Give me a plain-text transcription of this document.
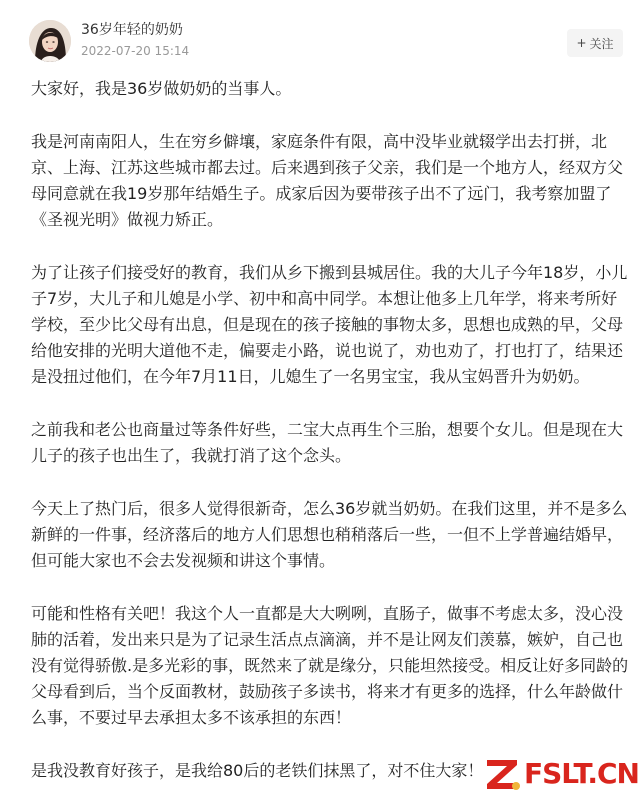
36岁年轻的奶奶
2022-07-20 15:14
+ 关注

大家好，我是36岁做奶奶的当事人。

我是河南南阳人，生在穷乡僻壤，家庭条件有限，高中没毕业就辍学出去打拼，北京、上海、江苏这些城市都去过。后来遇到孩子父亲，我们是一个地方人，经双方父母同意就在我19岁那年结婚生子。成家后因为要带孩子出不了远门，我考察加盟了《圣视光明》做视力矫正。

为了让孩子们接受好的教育，我们从乡下搬到县城居住。我的大儿子今年18岁，小儿子7岁，大儿子和儿媳是小学、初中和高中同学。本想让他多上几年学，将来考所好学校，至少比父母有出息，但是现在的孩子接触的事物太多，思想也成熟的早，父母给他安排的光明大道他不走，偏要走小路，说也说了，劝也劝了，打也打了，结果还是没扭过他们，在今年7月11日，儿媳生了一名男宝宝，我从宝妈晋升为奶奶。

之前我和老公也商量过等条件好些，二宝大点再生个三胎，想要个女儿。但是现在大儿子的孩子也出生了，我就打消了这个念头。

今天上了热门后，很多人觉得很新奇，怎么36岁就当奶奶。在我们这里，并不是多么新鲜的一件事，经济落后的地方人们思想也稍稍落后一些，一但不上学普遍结婚早，但可能大家也不会去发视频和讲这个事情。

可能和性格有关吧！我这个人一直都是大大咧咧，直肠子，做事不考虑太多，没心没肺的活着，发出来只是为了记录生活点点滴滴，并不是让网友们羡慕，嫉妒，自己也没有觉得骄傲.是多光彩的事，既然来了就是缘分，只能坦然接受。相反让好多同龄的父母看到后，当个反面教材，鼓励孩子多读书，将来才有更多的选择，什么年龄做什么事，不要过早去承担太多不该承担的东西！

是我没教育好孩子，是我给80后的老铁们抹黑了，对不住大家！	FSLT.CN
